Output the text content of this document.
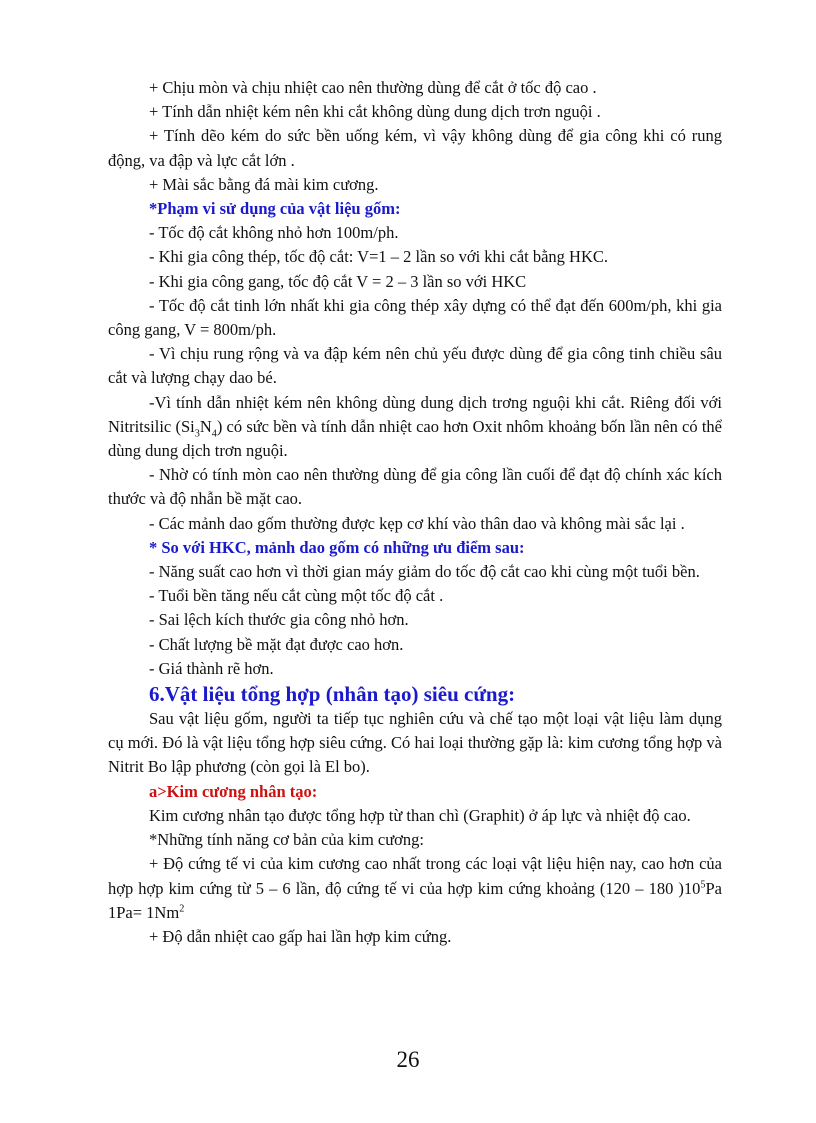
+ Chịu mòn và chịu nhiệt cao nên thường dùng để cắt ở tốc độ cao .

+ Tính dẫn nhiệt kém nên khi cắt không dùng dung dịch trơn nguội .

+ Tính dẽo kém do sức bền uống kém, vì vậy không dùng để gia công khi có rung động, va đập và lực cắt lớn .

+ Mài sắc bằng đá mài kim cương.

*Phạm vi sử dụng của vật liệu gốm:

- Tốc độ cắt không nhỏ hơn 100m/ph.

- Khi gia công thép, tốc độ cắt: V=1 – 2 lần so với khi cắt bằng HKC.

- Khi gia công gang, tốc độ cắt V = 2 – 3 lần so với HKC

- Tốc độ cắt tinh lớn nhất khi gia công thép xây dựng có thể đạt đến 600m/ph, khi gia công gang, V = 800m/ph.

- Vì chịu rung rộng và va đập kém nên chủ yếu được dùng để gia công tinh chiều sâu cắt và lượng chạy dao bé.

-Vì tính dẫn nhiệt kém nên không dùng dung dịch trơng nguội khi cắt. Riêng đối với Nitritsilic $(Si_3N_4)$ có sức bền và tính dẫn nhiệt cao hơn Oxit nhôm khoảng bốn lần nên có thể dùng dung dịch trơn nguội.

- Nhờ có tính mòn cao nên thường dùng để gia công lần cuối để đạt độ chính xác kích thước và độ nhẫn bề mặt cao.

- Các mảnh dao gốm thường được kẹp cơ khí vào thân dao và không mài sắc lại .

* So với HKC, mảnh dao gốm có những ưu điểm sau:

- Năng suất cao hơn vì thời gian máy giảm do tốc độ cắt cao khi cùng một tuổi bền.

- Tuổi bền tăng nếu cắt cùng một tốc độ cắt .

- Sai lệch kích thước gia công nhỏ hơn.

- Chất lượng bề mặt đạt được cao hơn.

- Giá thành rẽ hơn.

6.Vật liệu tổng hợp (nhân tạo) siêu cứng:

Sau vật liệu gốm, người ta tiếp tục nghiên cứu và chế tạo một loại vật liệu làm dụng cụ mới. Đó là vật liệu tổng hợp siêu cứng. Có hai loại thường gặp là: kim cương tổng hợp và Nitrit Bo lập phương (còn gọi là El bo).

a>Kim cương nhân tạo:

Kim cương nhân tạo được tổng hợp từ than chì (Graphit) ở áp lực và nhiệt độ cao.

*Những tính năng cơ bản của kim cương:

+ Độ cứng tế vi của kim cương cao nhất trong các loại vật liệu hiện nay, cao hơn của hợp hợp kim cứng từ 5 – 6 lần, độ cứng tế vi của hợp kim cứng khoảng (120 – 180 )$10^5Pa$ $1Pa= 1Nm^2$

+ Độ dẫn nhiệt cao gấp hai lần hợp kim cứng.

26
